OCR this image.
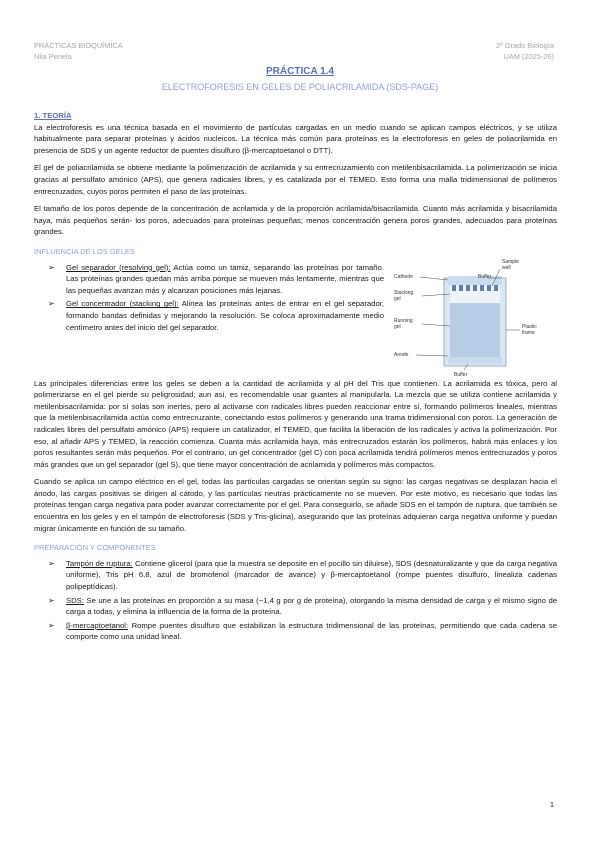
PRÁCTICAS BIOQUÍMICA
Nila Penela
2º Grado Biología
UAM (2025-26)
PRÁCTICA 1.4
ELECTROFORESIS EN GELES DE POLIACRILAMIDA (SDS-PAGE)
1. TEORÍA

La electroforesis es una técnica basada en el movimiento de partículas cargadas en un medio cuando se aplican campos eléctricos, y se utiliza habitualmente para separar proteínas y ácidos nucleicos. La técnica más común para proteínas es la electroforesis en geles de poliacrilamida en presencia de SDS y un agente reductor de puentes disulfuro (β-mercaptoetanol o DTT).

El gel de poliacrilamida se obtiene mediante la polimerización de acrilamida y su entrecruzamiento con metilenbisacrilamida. La polimerización se inicia gracias al persulfato amónico (APS), que genera radicales libres, y es catalizada por el TEMED. Esto forma una malla tridimensional de polímeros entrecruzados, cuyos poros permiten el paso de las proteínas.

El tamaño de los poros depende de la concentración de acrilamida y de la proporción acrilamida/bisacrilamida. Cuanto más acrilamida y bisacrilamida haya, más pequeños serán- los poros, adecuados para proteínas pequeñas; menos concentración genera poros grandes, adecuados para proteínas grandes.

INFLUENCIA DE LOS GELES
➢	Gel separador (resolving gel): Actúa como un tamiz, separando las proteínas por tamaño. Las proteínas grandes quedan más arriba porque se mueven más lentamente, mientras que las pequeñas avanzan más y alcanzan posiciones más lejanas.
➢	Gel concentrador (stacking gel): Alinea las proteínas antes de entrar en el gel separador, formando bandas definidas y mejorando la resolución. Se coloca aproximadamente medio centímetro antes del inicio del gel separador.
Cathode
Sample
well
Buffer
Stacking
gel
Running
gel	Plastic
frame
Anode
Buffer

Las principales diferencias entre los geles se deben a la cantidad de acrilamida y al pH del Tris que contienen. La acrilamida es tóxica, pero al polimerizarse en el gel pierde su peligrosidad; aun así, es recomendable usar guantes al manipularla. La mezcla que se utiliza contiene acrilamida y metilenbisacrilamida: por sí solas son inertes, pero al activarse con radicales libres pueden reaccionar entre sí, formando polímeros lineales, mientras que la metilenbisacrilamida actúa como entrecruzante, conectando estos polímeros y generando una trama tridimensional con poros. La generación de radicales libres del persulfato amónico (APS) requiere un catalizador, el TEMED, que facilita la liberación de los radicales y activa la polimerización. Por eso, al añadir APS y TEMED, la reacción comienza. Cuanta más acrilamida haya, más entrecruzados estarán los polímeros, habrá más enlaces y los poros resultantes serán más pequeños. Por el contrario, un gel concentrador (gel C) con poca acrilamida tendrá polímeros menos entrecruzados y poros más grandes que un gel separador (gel S), que tiene mayor concentración de acrilamida y polímeros más compactos.

Cuando se aplica un campo eléctrico en el gel, todas las partículas cargadas se orientan según su signo: las cargas negativas se desplazan hacia el ánodo, las cargas positivas se dirigen al cátodo, y las partículas neutras prácticamente no se mueven. Por este motivo, es necesario que todas las proteínas tengan carga negativa para poder avanzar correctamente por el gel. Para conseguirlo, se añade SDS en el tampón de ruptura, que también se encuentra en los geles y en el tampón de electroforesis (SDS y Tris-glicina), asegurando que las proteínas adquieran carga negativa uniforme y puedan migrar únicamente en función de su tamaño.

PREPARACIÓN Y COMPONENTES
➢	Tampón de ruptura: Contiene glicerol (para que la muestra se deposite en el pocillo sin diluirse), SDS (desnaturalizante y que da carga negativa uniforme), Tris pH 6,8, azul de bromofenol (marcador de avance) y β-mercaptoetanol (rompe puentes disulfuro, linealiza cadenas polipeptídicas).
➢	SDS: Se une a las proteínas en proporción a su masa (~1,4 g por g de proteína), otorgando la misma densidad de carga y el mismo signo de carga a todas, y elimina la influencia de la forma de la proteína.
➢	β-mercaptoetanol: Rompe puentes disulfuro que estabilizan la estructura tridimensional de las proteínas, permitiendo que cada cadena se comporte como una unidad lineal.
1
